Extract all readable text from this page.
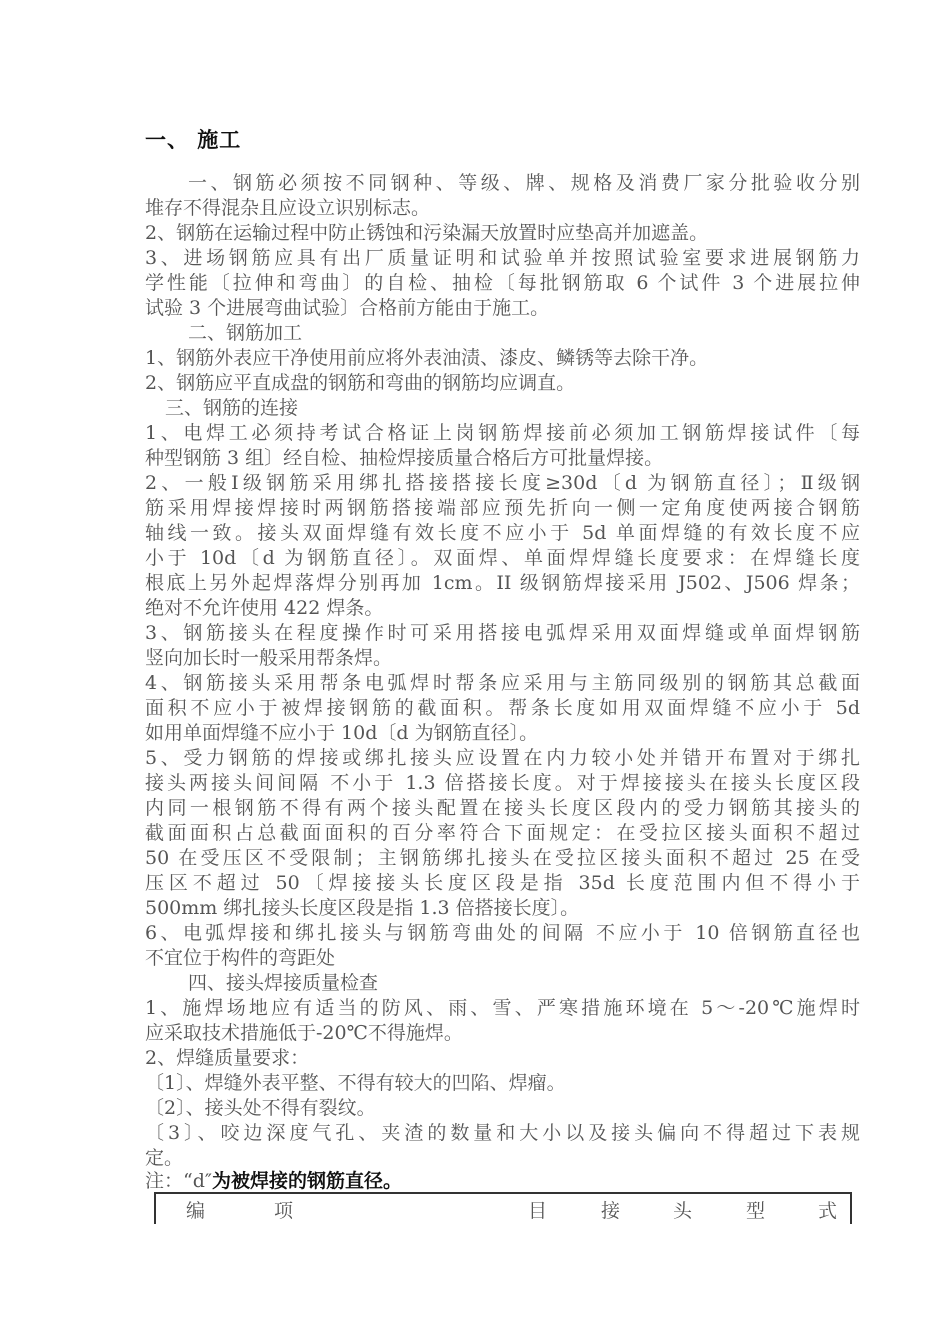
一、 施工
一、钢筋必须按不同钢种、等级、牌、规格及消费厂家分批验收分别
堆存不得混杂且应设立识别标志。
2、钢筋在运输过程中防止锈蚀和污染漏天放置时应垫高并加遮盖。
3、进场钢筋应具有出厂质量证明和试验单并按照试验室要求进展钢筋力
学性能〔拉伸和弯曲〕的自检、抽检〔每批钢筋取 6 个试件 3 个进展拉伸
试验 3 个进展弯曲试验〕合格前方能由于施工。
二、钢筋加工
1、钢筋外表应干净使用前应将外表油渍、漆皮、鳞锈等去除干净。
2、钢筋应平直成盘的钢筋和弯曲的钢筋均应调直。
三、钢筋的连接
1、电焊工必须持考试合格证上岗钢筋焊接前必须加工钢筋焊接试件〔每
种型钢筋 3 组〕经自检、抽检焊接质量合格后方可批量焊接。
2、一般Ⅰ级钢筋采用绑扎搭接搭接长度≥30d〔d 为钢筋直径〕；Ⅱ级钢
筋采用焊接焊接时两钢筋搭接端部应预先折向一侧一定角度使两接合钢筋
轴线一致。接头双面焊缝有效长度不应小于 5d 单面焊缝的有效长度不应
小于 10d〔d 为钢筋直径〕。双面焊、单面焊焊缝长度要求：在焊缝长度
根底上另外起焊落焊分别再加 1cm。II 级钢筋焊接采用 J502、J506 焊条；
绝对不允许使用 422 焊条。
3、钢筋接头在程度操作时可采用搭接电弧焊采用双面焊缝或单面焊钢筋
竖向加长时一般采用帮条焊。
4、钢筋接头采用帮条电弧焊时帮条应采用与主筋同级别的钢筋其总截面
面积不应小于被焊接钢筋的截面积。帮条长度如用双面焊缝不应小于 5d
如用单面焊缝不应小于 10d〔d 为钢筋直径〕。
5、受力钢筋的焊接或绑扎接头应设置在内力较小处并错开布置对于绑扎
接头两接头间间隔 不小于 1.3 倍搭接长度。对于焊接接头在接头长度区段
内同一根钢筋不得有两个接头配置在接头长度区段内的受力钢筋其接头的
截面面积占总截面面积的百分率符合下面规定：在受拉区接头面积不超过
50 在受压区不受限制；主钢筋绑扎接头在受拉区接头面积不超过 25 在受
压区不超过 50〔焊接接头长度区段是指 35d 长度范围内但不得小于
500mm 绑扎接头长度区段是指 1.3 倍搭接长度〕。
6、电弧焊接和绑扎接头与钢筋弯曲处的间隔 不应小于 10 倍钢筋直径也
不宜位于构件的弯距处
四、接头焊接质量检查
1、施焊场地应有适当的防风、雨、雪、严寒措施环境在 5～-20℃施焊时
应采取技术措施低于-20℃不得施焊。
2、焊缝质量要求：
〔1〕、焊缝外表平整、不得有较大的凹陷、焊瘤。
〔2〕、接头处不得有裂纹。
〔3〕、咬边深度气孔、夹渣的数量和大小以及接头偏向不得超过下表规
定。
注：“d″为被焊接的钢筋直径。
编	项	目	接	头	型	式
